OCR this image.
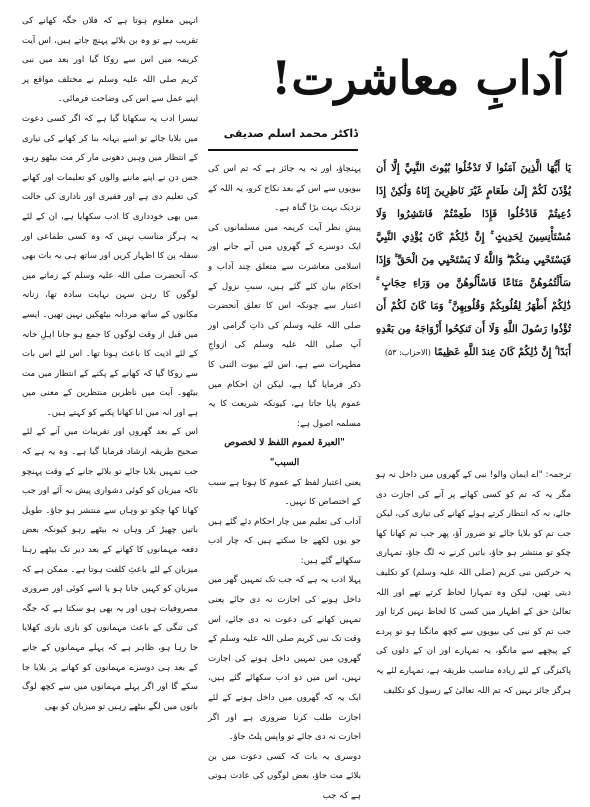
انہیں معلوم ہوتا ہے کہ فلاں جگہ کھانے کی تقریب ہے تو وہ بن بلائے پہنچ جاتے ہیں، اس آیت کریمہ میں اس سے روکا گیا اور بعد میں نبی کریم صلی اللہ علیہ وسلم نے مختلف مواقع پر اپنے عمل سے اس کی وضاحت فرمائی۔

تیسرا ادب یہ سکھایا گیا ہے کہ اگر کسی دعوت میں بلایا جائے تو اسے بہانہ بنا کر کھانے کی تیاری کے انتظار میں وہیں دھونی مار کر مت بیٹھو رہو، جس دن نے اپنے ماننے والوں کو تعلیمات اور کھانے کی تعلیم دی ہے اور فقیری اور ناداری کی حالت میں بھی خودداری کا ادب سکھایا ہے، ان کے لئے یہ ہرگز مناسب نہیں کہ وہ کسی طماعی اور سفلہ پن کا اظہار کریں اور ساتھ ہی یہ بات بھی کہ آنحضرت صلی اللہ علیہ وسلم کے زمانے میں لوگوں کا رہن سہن نہایت سادہ تھا، زنانہ مکانوں کے ساتھ مردانہ بیٹھکیں نہیں تھیں۔ ایسے میں قبل از وقت لوگوں کا جمع ہو جانا اہلِ خانہ کے لئے اذیت کا باعث ہوتا تھا۔ اس لئے اس بات سے روکا گیا کہ کھانے کے پکنے کے انتظار میں مت بیٹھو۔ آیت میں ناظرین منتظرین کے معنی میں ہے اور انہ میں انا کھانا پکنے کو کہتے ہیں۔

اس کے بعد گھروں اور تقریبات میں آنے کے لئے صحیح طریقہ ارشاد فرمایا گیا ہے۔ وہ یہ ہے کہ جب تمہیں بلایا جائے تو بلائے جانے کے وقت پہنچو تاکہ میزبان کو کوئی دشواری پیش نہ آئے اور جب کھانا کھا چکو تو وہاں سے منتشر ہو جاؤ۔ طویل باتیں چھیڑ کر وہاں نہ بیٹھے رہو کیونکہ بعض دفعہ مہمانوں کا کھانے کے بعد دیر تک بیٹھے رہنا میزبان کے لئے باعثِ کلفت ہوتا ہے۔ ممکن ہے کہ میزبان کو کہیں جانا ہو یا اسے کوئی اور ضروری مصروفیات ہوں اور یہ بھی ہو سکتا ہے کہ جگہ کی تنگی کے باعث مہمانوں کو باری باری کھلایا جا رہا ہو، ظاہر ہے کہ پہلے مہمانوں کے جانے کے بعد ہی دوسرے مہمانوں کو کھانے پر بلایا جا سکے گا اور اگر پہلے مہمانوں میں سے کچھ لوگ باتوں میں لگے بیٹھے رہیں تو میزبان کو بھی

آدابِ معاشرت!
ڈاکٹر محمد اسلم صدیقی
يَا أَيُّهَا الَّذِينَ آمَنُوا لَا تَدْخُلُوا بُيُوتَ النَّبِيِّ إِلَّا أَن يُؤْذَنَ لَكُمْ إِلَىٰ طَعَامٍ غَيْرَ نَاظِرِينَ إِنَاهُ وَلَٰكِنْ إِذَا دُعِيتُمْ فَادْخُلُوا فَإِذَا طَعِمْتُمْ فَانتَشِرُوا وَلَا مُسْتَأْنِسِينَ لِحَدِيثٍ ۚ إِنَّ ذَٰلِكُمْ كَانَ يُؤْذِي النَّبِيَّ فَيَسْتَحْيِي مِنكُمْ ۖ وَاللَّهُ لَا يَسْتَحْيِي مِنَ الْحَقِّ ۚ وَإِذَا سَأَلْتُمُوهُنَّ مَتَاعًا فَاسْأَلُوهُنَّ مِن وَرَاءِ حِجَابٍ ۚ ذَٰلِكُمْ أَطْهَرُ لِقُلُوبِكُمْ وَقُلُوبِهِنَّ ۚ وَمَا كَانَ لَكُمْ أَن تُؤْذُوا رَسُولَ اللَّهِ وَلَا أَن تَنكِحُوا أَزْوَاجَهُ مِن بَعْدِهِ أَبَدًا ۚ إِنَّ ذَٰلِكُمْ كَانَ عِندَ اللَّهِ عَظِيمًا (الاحزاب: ۵۳)

پہنچاؤ، اور نہ یہ جائز ہے کہ تم اس کی بیویوں سے اس کے بعد نکاح کرو، یہ اللہ کے نزدیک بہت بڑا گناہ ہے۔

پیشِ نظر آیت کریمہ میں مسلمانوں کی ایک دوسرے کے گھروں میں آنے جانے اور اسلامی معاشرت سے متعلق چند آداب و احکام بیان کئے گئے ہیں، سببِ نزول کے اعتبار سے چونکہ اس کا تعلق آنحضرت صلی اللہ علیہ وسلم کی ذاتِ گرامی اور آپ صلی اللہ علیہ وسلم کی ازواجِ مطہرات سے ہے، اس لئے بیوت النبی کا ذکر فرمایا گیا ہے، لیکن ان احکام میں عموم پایا جاتا ہے، کیونکہ شریعت کا یہ مسلمہ اصول ہے:

"العبرۃ لعموم اللفظ لا لخصوص السبب"

یعنی اعتبار لفظ کے عموم کا ہوتا ہے سبب کے اختصاص کا نہیں۔

آداب کی تعلیم میں چار احکام دئے گئے ہیں جو یوں لکھے جا سکتے ہیں کہ چار ادب سکھائے گئے ہیں:

پہلا ادب یہ ہے کہ جب تک تمہیں گھر میں داخل ہونے کی اجازت نہ دی جائے یعنی تمہیں کھانے کی دعوت نہ دی جائے، اس وقت تک نبی کریم صلی اللہ علیہ وسلم کے گھروں میں تمہیں داخل ہونے کی اجازت نہیں، اس میں دو ادب سکھائے گئے ہیں، ایک یہ کہ گھروں میں داخل ہونے کے لئے اجازت طلب کرنا ضروری ہے اور اگر اجازت نہ دی جائے تو واپس پلٹ جاؤ۔

دوسری یہ بات کہ کسی دعوت میں بن بلائے مت جاؤ، بعض لوگوں کی عادت ہوتی ہے کہ جب

ترجمہ: "اے ایمان والو! نبی کے گھروں میں داخل نہ ہو مگر یہ کہ تم کو کسی کھانے پر آنے کی اجازت دی جائے، نہ کہ انتظار کرتے ہوئے کھانے کی تیاری کی، لیکن جب تم کو بلایا جائے تو ضرور آؤ، پھر جب تم کھانا کھا چکو تو منتشر ہو جاؤ، باتیں کرنے نہ لگ جاؤ، تمہاری یہ حرکتیں نبی کریم (صلی اللہ علیہ وسلم) کو تکلیف دیتی تھیں، لیکن وہ تمہارا لحاظ کرتے تھے اور اللہ تعالیٰ حق کے اظہار میں کسی کا لحاظ نہیں کرتا اور جب تم کو نبی کی بیویوں سے کچھ مانگنا ہو تو پردے کے پیچھے سے مانگو، یہ تمہارے اور ان کے دلوں کی پاکیزگی کے لئے زیادہ مناسب طریقہ ہے، تمہارے لئے یہ ہرگز جائز نہیں کہ تم اللہ تعالیٰ کے رسول کو تکلیف
